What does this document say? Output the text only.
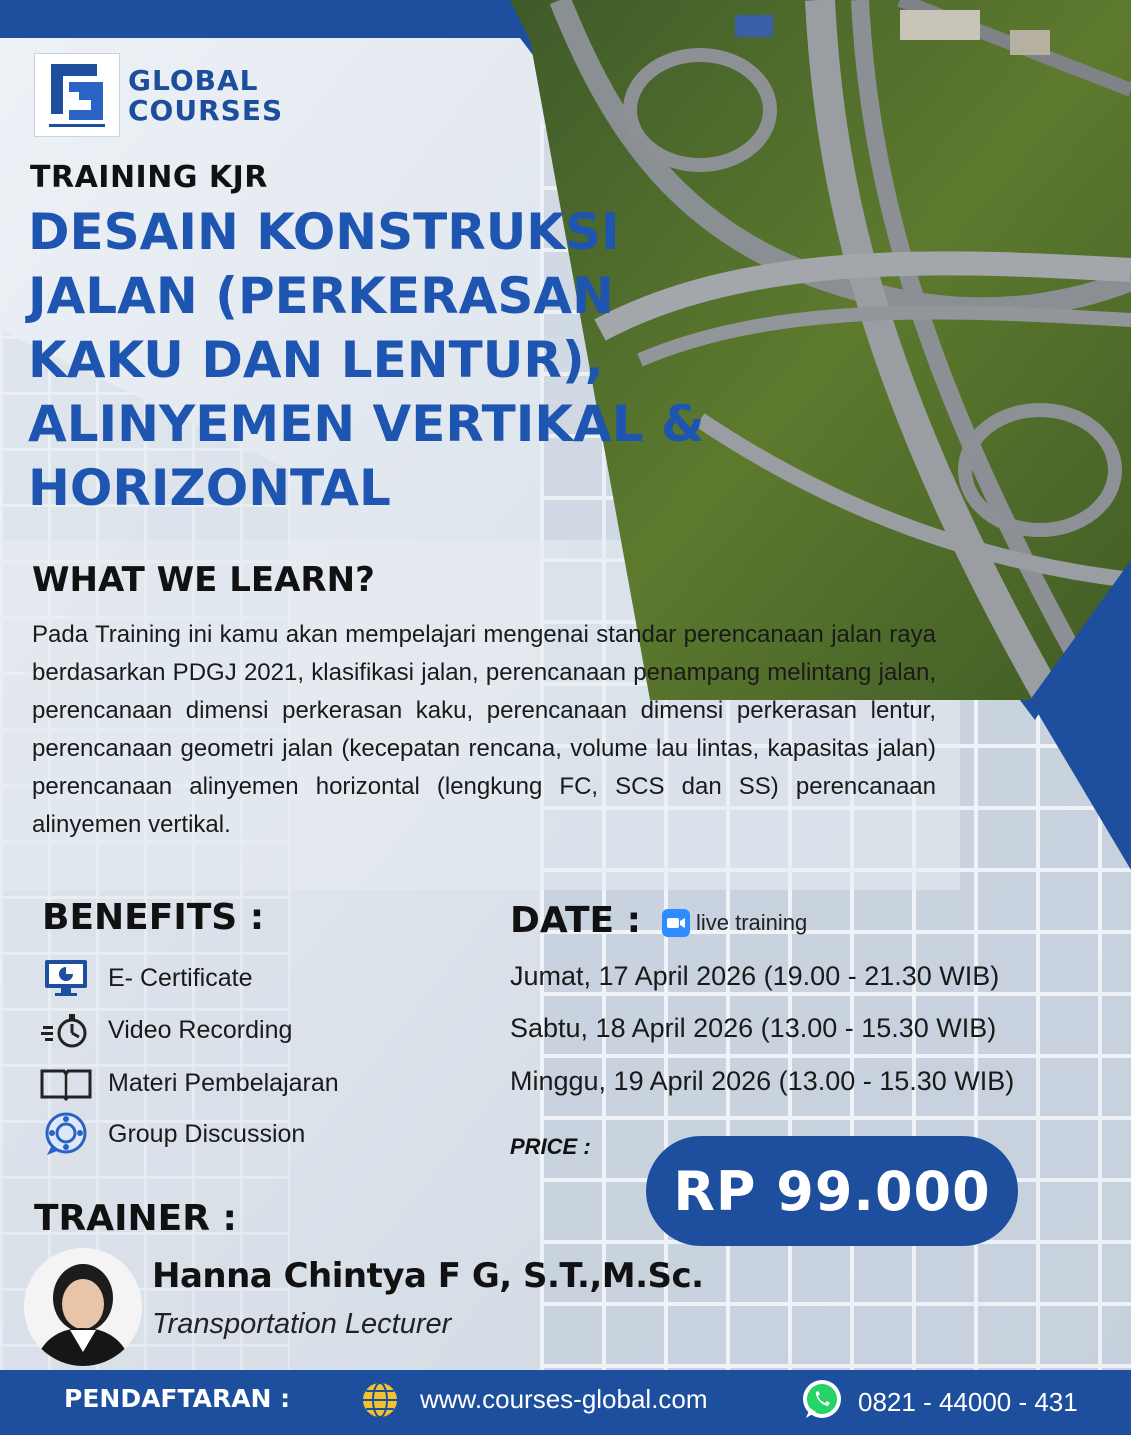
GLOBAL
COURSES
TRAINING KJR
DESAIN KONSTRUKSI
JALAN (PERKERASAN
KAKU DAN LENTUR),
ALINYEMEN VERTIKAL &
HORIZONTAL
WHAT WE LEARN?
Pada Training ini kamu akan mempelajari mengenai standar perencanaan jalan raya berdasarkan PDGJ 2021, klasifikasi jalan, perencanaan penampang melintang jalan, perencanaan dimensi perkerasan kaku, perencanaan dimensi perkerasan lentur, perencanaan geometri jalan (kecepatan rencana, volume lau lintas, kapasitas jalan) perencanaan alinyemen horizontal (lengkung FC, SCS dan SS) perencanaan alinyemen vertikal.
BENEFITS :
E- Certificate
Video Recording
Materi Pembelajaran
Group Discussion
DATE : live training
Jumat, 17 April 2026 (19.00 - 21.30 WIB)
Sabtu, 18 April 2026 (13.00 - 15.30 WIB)
Minggu, 19 April 2026 (13.00 - 15.30 WIB)
PRICE :
RP 99.000
TRAINER :
Hanna Chintya F G, S.T.,M.Sc.
Transportation Lecturer
PENDAFTARAN :	www.courses-global.com	0821 - 44000 - 431
